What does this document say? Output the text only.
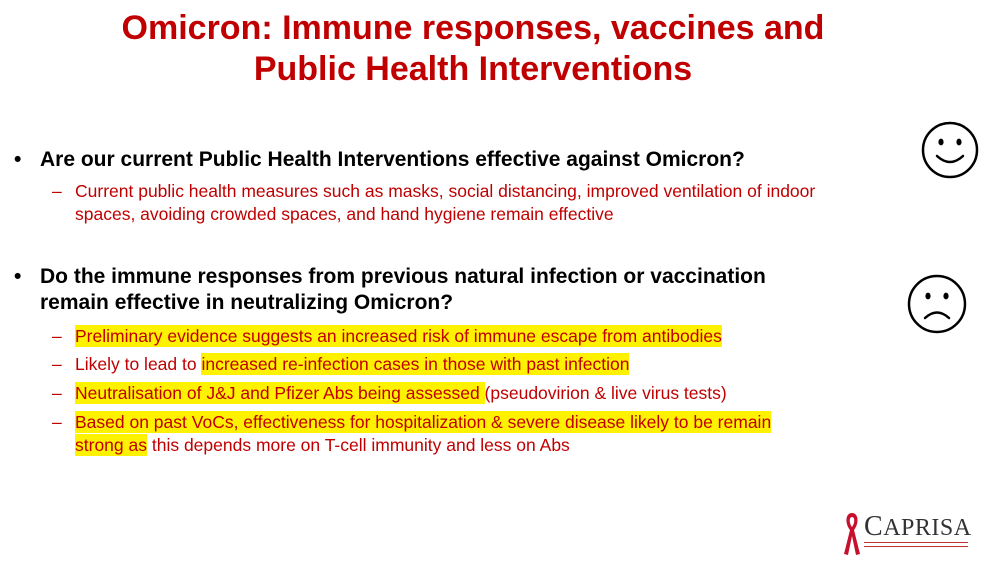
Omicron: Immune responses, vaccines and
Public Health Interventions
• Are our current Public Health Interventions effective against Omicron?
– Current public health measures such as masks, social distancing, improved ventilation of indoor
spaces, avoiding crowded spaces, and hand hygiene remain effective
• Do the immune responses from previous natural infection or vaccination
remain effective in neutralizing Omicron?
– Preliminary evidence suggests an increased risk of immune escape from antibodies
– Likely to lead to increased re-infection cases in those with past infection
– Neutralisation of J&J and Pfizer Abs being assessed (pseudovirion & live virus tests)
– Based on past VoCs, effectiveness for hospitalization & severe disease likely to be remain
strong as this depends more on T-cell immunity and less on Abs
CAPRISA
